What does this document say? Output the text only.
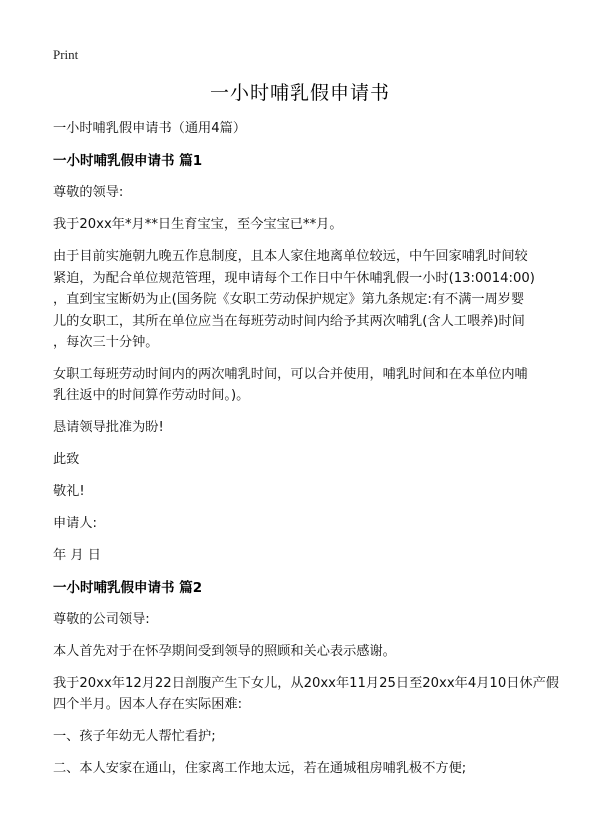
Print
一小时哺乳假申请书
一小时哺乳假申请书（通用4篇）
一小时哺乳假申请书 篇1
尊敬的领导:
我于20xx年*月**日生育宝宝，至今宝宝已**月。
由于目前实施朝九晚五作息制度，且本人家住地离单位较远，中午回家哺乳时间较
紧迫，为配合单位规范管理，现申请每个工作日中午休哺乳假一小时(13:0014:00)
，直到宝宝断奶为止(国务院《女职工劳动保护规定》第九条规定:有不满一周岁婴
儿的女职工，其所在单位应当在每班劳动时间内给予其两次哺乳(含人工喂养)时间
，每次三十分钟。
女职工每班劳动时间内的两次哺乳时间，可以合并使用，哺乳时间和在本单位内哺
乳往返中的时间算作劳动时间。)。
恳请领导批准为盼!
此致
敬礼!
申请人:
年 月 日
一小时哺乳假申请书 篇2
尊敬的公司领导:
本人首先对于在怀孕期间受到领导的照顾和关心表示感谢。
我于20xx年12月22日剖腹产生下女儿，从20xx年11月25日至20xx年4月10日休产假
四个半月。因本人存在实际困难:
一、孩子年幼无人帮忙看护;
二、本人安家在通山，住家离工作地太远，若在通城租房哺乳极不方便;
